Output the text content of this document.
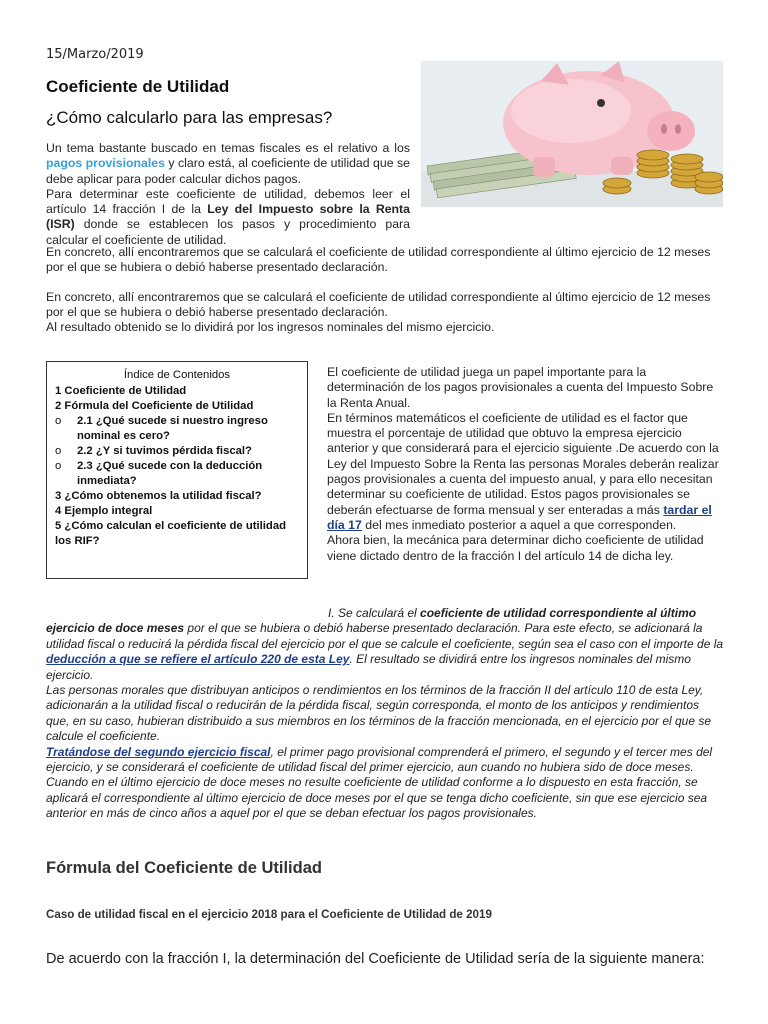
15/Marzo/2019
Coeficiente de Utilidad
¿Cómo calcularlo para las empresas?

Un tema bastante buscado en temas fiscales es el relativo a los pagos provisionales y claro está, al coeficiente de utilidad que se debe aplicar para poder calcular dichos pagos.

Para determinar este coeficiente de utilidad, debemos leer el artículo 14 fracción I de la Ley del Impuesto sobre la Renta (ISR) donde se establecen los pasos y procedimiento para calcular el coeficiente de utilidad.

En concreto, allí encontraremos que se calculará el coeficiente de utilidad correspondiente al último ejercicio de 12 meses por el que se hubiera o debió haberse presentado declaración.

En concreto, allí encontraremos que se calculará el coeficiente de utilidad correspondiente al último ejercicio de 12 meses por el que se hubiera o debió haberse presentado declaración.

Al resultado obtenido se lo dividirá por los ingresos nominales del mismo ejercicio.

Índice de Contenidos
1 Coeficiente de Utilidad
2 Fórmula del Coeficiente de Utilidad
o	2.1 ¿Qué sucede si nuestro ingreso nominal es cero?
o	2.2 ¿Y si tuvimos pérdida fiscal?
o	2.3 ¿Qué sucede con la deducción inmediata?
3 ¿Cómo obtenemos la utilidad fiscal?
4 Ejemplo integral
5 ¿Cómo calculan el coeficiente de utilidad los RIF?

El coeficiente de utilidad juega un papel importante para la determinación de los pagos provisionales a cuenta del Impuesto Sobre la Renta Anual.

En términos matemáticos el coeficiente de utilidad es el factor que muestra el porcentaje de utilidad que obtuvo la empresa ejercicio anterior y que considerará para el ejercicio siguiente .De acuerdo con la Ley del Impuesto Sobre la Renta las personas Morales deberán realizar pagos provisionales a cuenta del impuesto anual, y para ello necesitan determinar su coeficiente de utilidad. Estos pagos provisionales se deberán efectuarse de forma mensual y ser enteradas a más tardar el día 17 del mes inmediato posterior a aquel a que corresponden.

Ahora bien, la mecánica para determinar dicho coeficiente de utilidad viene dictado dentro de la fracción I del artículo 14 de dicha ley.

I. Se calculará el coeficiente de utilidad correspondiente al último ejercicio de doce meses por el que se hubiera o debió haberse presentado declaración. Para este efecto, se adicionará la utilidad fiscal o reducirá la pérdida fiscal del ejercicio por el que se calcule el coeficiente, según sea el caso con el importe de la deducción a que se refiere el artículo 220 de esta Ley. El resultado se dividirá entre los ingresos nominales del mismo ejercicio.

Las personas morales que distribuyan anticipos o rendimientos en los términos de la fracción II del artículo 110 de esta Ley, adicionarán a la utilidad fiscal o reducirán de la pérdida fiscal, según corresponda, el monto de los anticipos y rendimientos que, en su caso, hubieran distribuido a sus miembros en los términos de la fracción mencionada, en el ejercicio por el que se calcule el coeficiente.

Tratándose del segundo ejercicio fiscal, el primer pago provisional comprenderá el primero, el segundo y el tercer mes del ejercicio, y se considerará el coeficiente de utilidad fiscal del primer ejercicio, aun cuando no hubiera sido de doce meses.

Cuando en el último ejercicio de doce meses no resulte coeficiente de utilidad conforme a lo dispuesto en esta fracción, se aplicará el correspondiente al último ejercicio de doce meses por el que se tenga dicho coeficiente, sin que ese ejercicio sea anterior en más de cinco años a aquel por el que se deban efectuar los pagos provisionales.

Fórmula del Coeficiente de Utilidad
Caso de utilidad fiscal en el ejercicio 2018 para el Coeficiente de Utilidad de 2019
De acuerdo con la fracción I, la determinación del Coeficiente de Utilidad sería de la siguiente manera:
